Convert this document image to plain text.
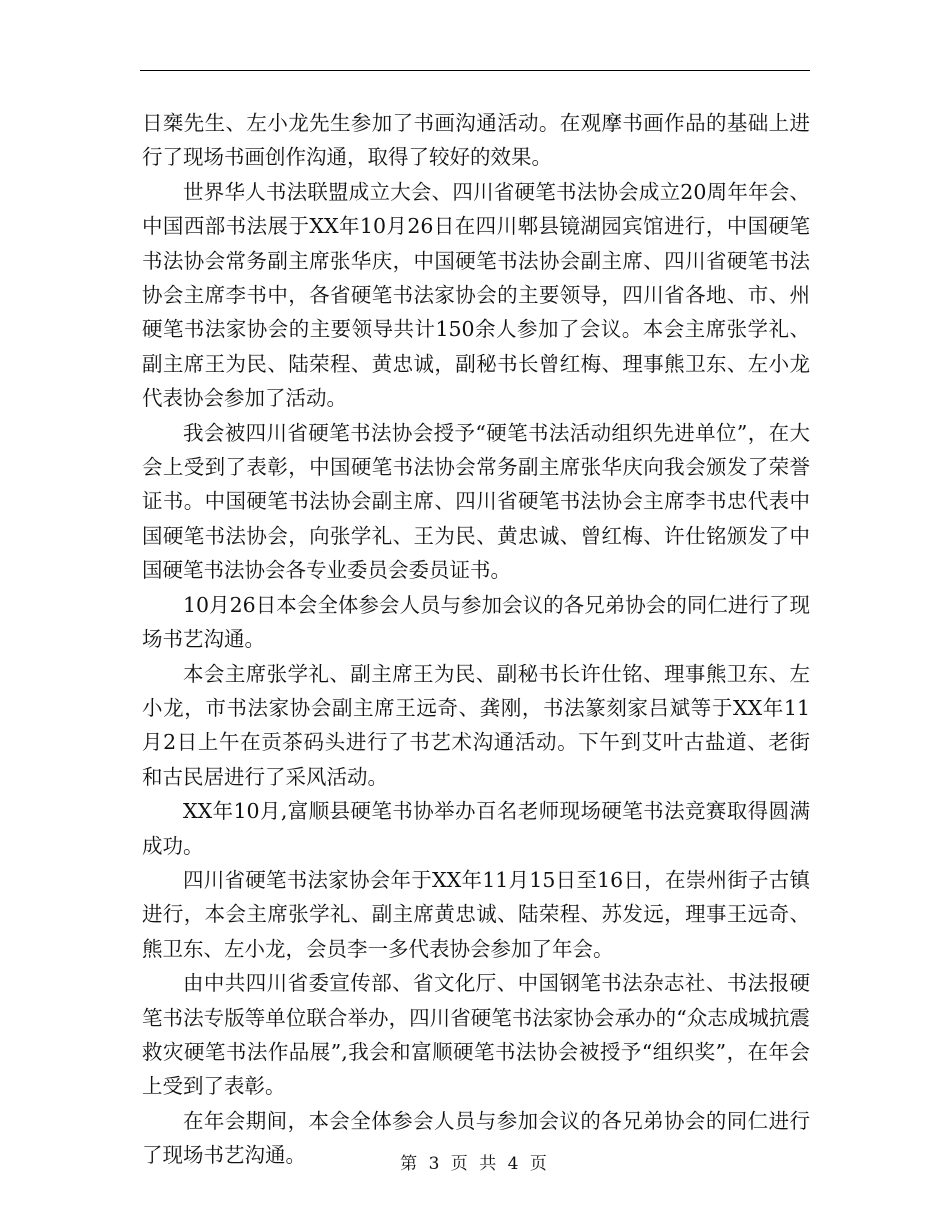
日椉先生、左小龙先生参加了书画沟通活动。在观摩书画作品的基础上进行了现场书画创作沟通，取得了较好的效果。

世界华人书法联盟成立大会、四川省硬笔书法协会成立20周年年会、中国西部书法展于XX年10月26日在四川郫县镜湖园宾馆进行，中国硬笔书法协会常务副主席张华庆，中国硬笔书法协会副主席、四川省硬笔书法协会主席李书中，各省硬笔书法家协会的主要领导，四川省各地、市、州硬笔书法家协会的主要领导共计150余人参加了会议。本会主席张学礼、副主席王为民、陆荣程、黄忠诚，副秘书长曾红梅、理事熊卫东、左小龙代表协会参加了活动。

我会被四川省硬笔书法协会授予“硬笔书法活动组织先进单位”，在大会上受到了表彰，中国硬笔书法协会常务副主席张华庆向我会颁发了荣誉证书。中国硬笔书法协会副主席、四川省硬笔书法协会主席李书忠代表中国硬笔书法协会，向张学礼、王为民、黄忠诚、曾红梅、许仕铭颁发了中国硬笔书法协会各专业委员会委员证书。

10月26日本会全体参会人员与参加会议的各兄弟协会的同仁进行了现场书艺沟通。

本会主席张学礼、副主席王为民、副秘书长许仕铭、理事熊卫东、左小龙，市书法家协会副主席王远奇、龚刚，书法篆刻家吕斌等于XX年11月2日上午在贡茶码头进行了书艺术沟通活动。下午到艾叶古盐道、老街和古民居进行了采风活动。

XX年10月,富顺县硬笔书协举办百名老师现场硬笔书法竞赛取得圆满成功。

四川省硬笔书法家协会年于XX年11月15日至16日，在崇州街子古镇进行，本会主席张学礼、副主席黄忠诚、陆荣程、苏发远，理事王远奇、熊卫东、左小龙，会员李一多代表协会参加了年会。

由中共四川省委宣传部、省文化厅、中国钢笔书法杂志社、书法报硬笔书法专版等单位联合举办，四川省硬笔书法家协会承办的“众志成城抗震救灾硬笔书法作品展”,我会和富顺硬笔书法协会被授予“组织奖”，在年会上受到了表彰。

在年会期间，本会全体参会人员与参加会议的各兄弟协会的同仁进行了现场书艺沟通。	第 3 页 共 4 页
